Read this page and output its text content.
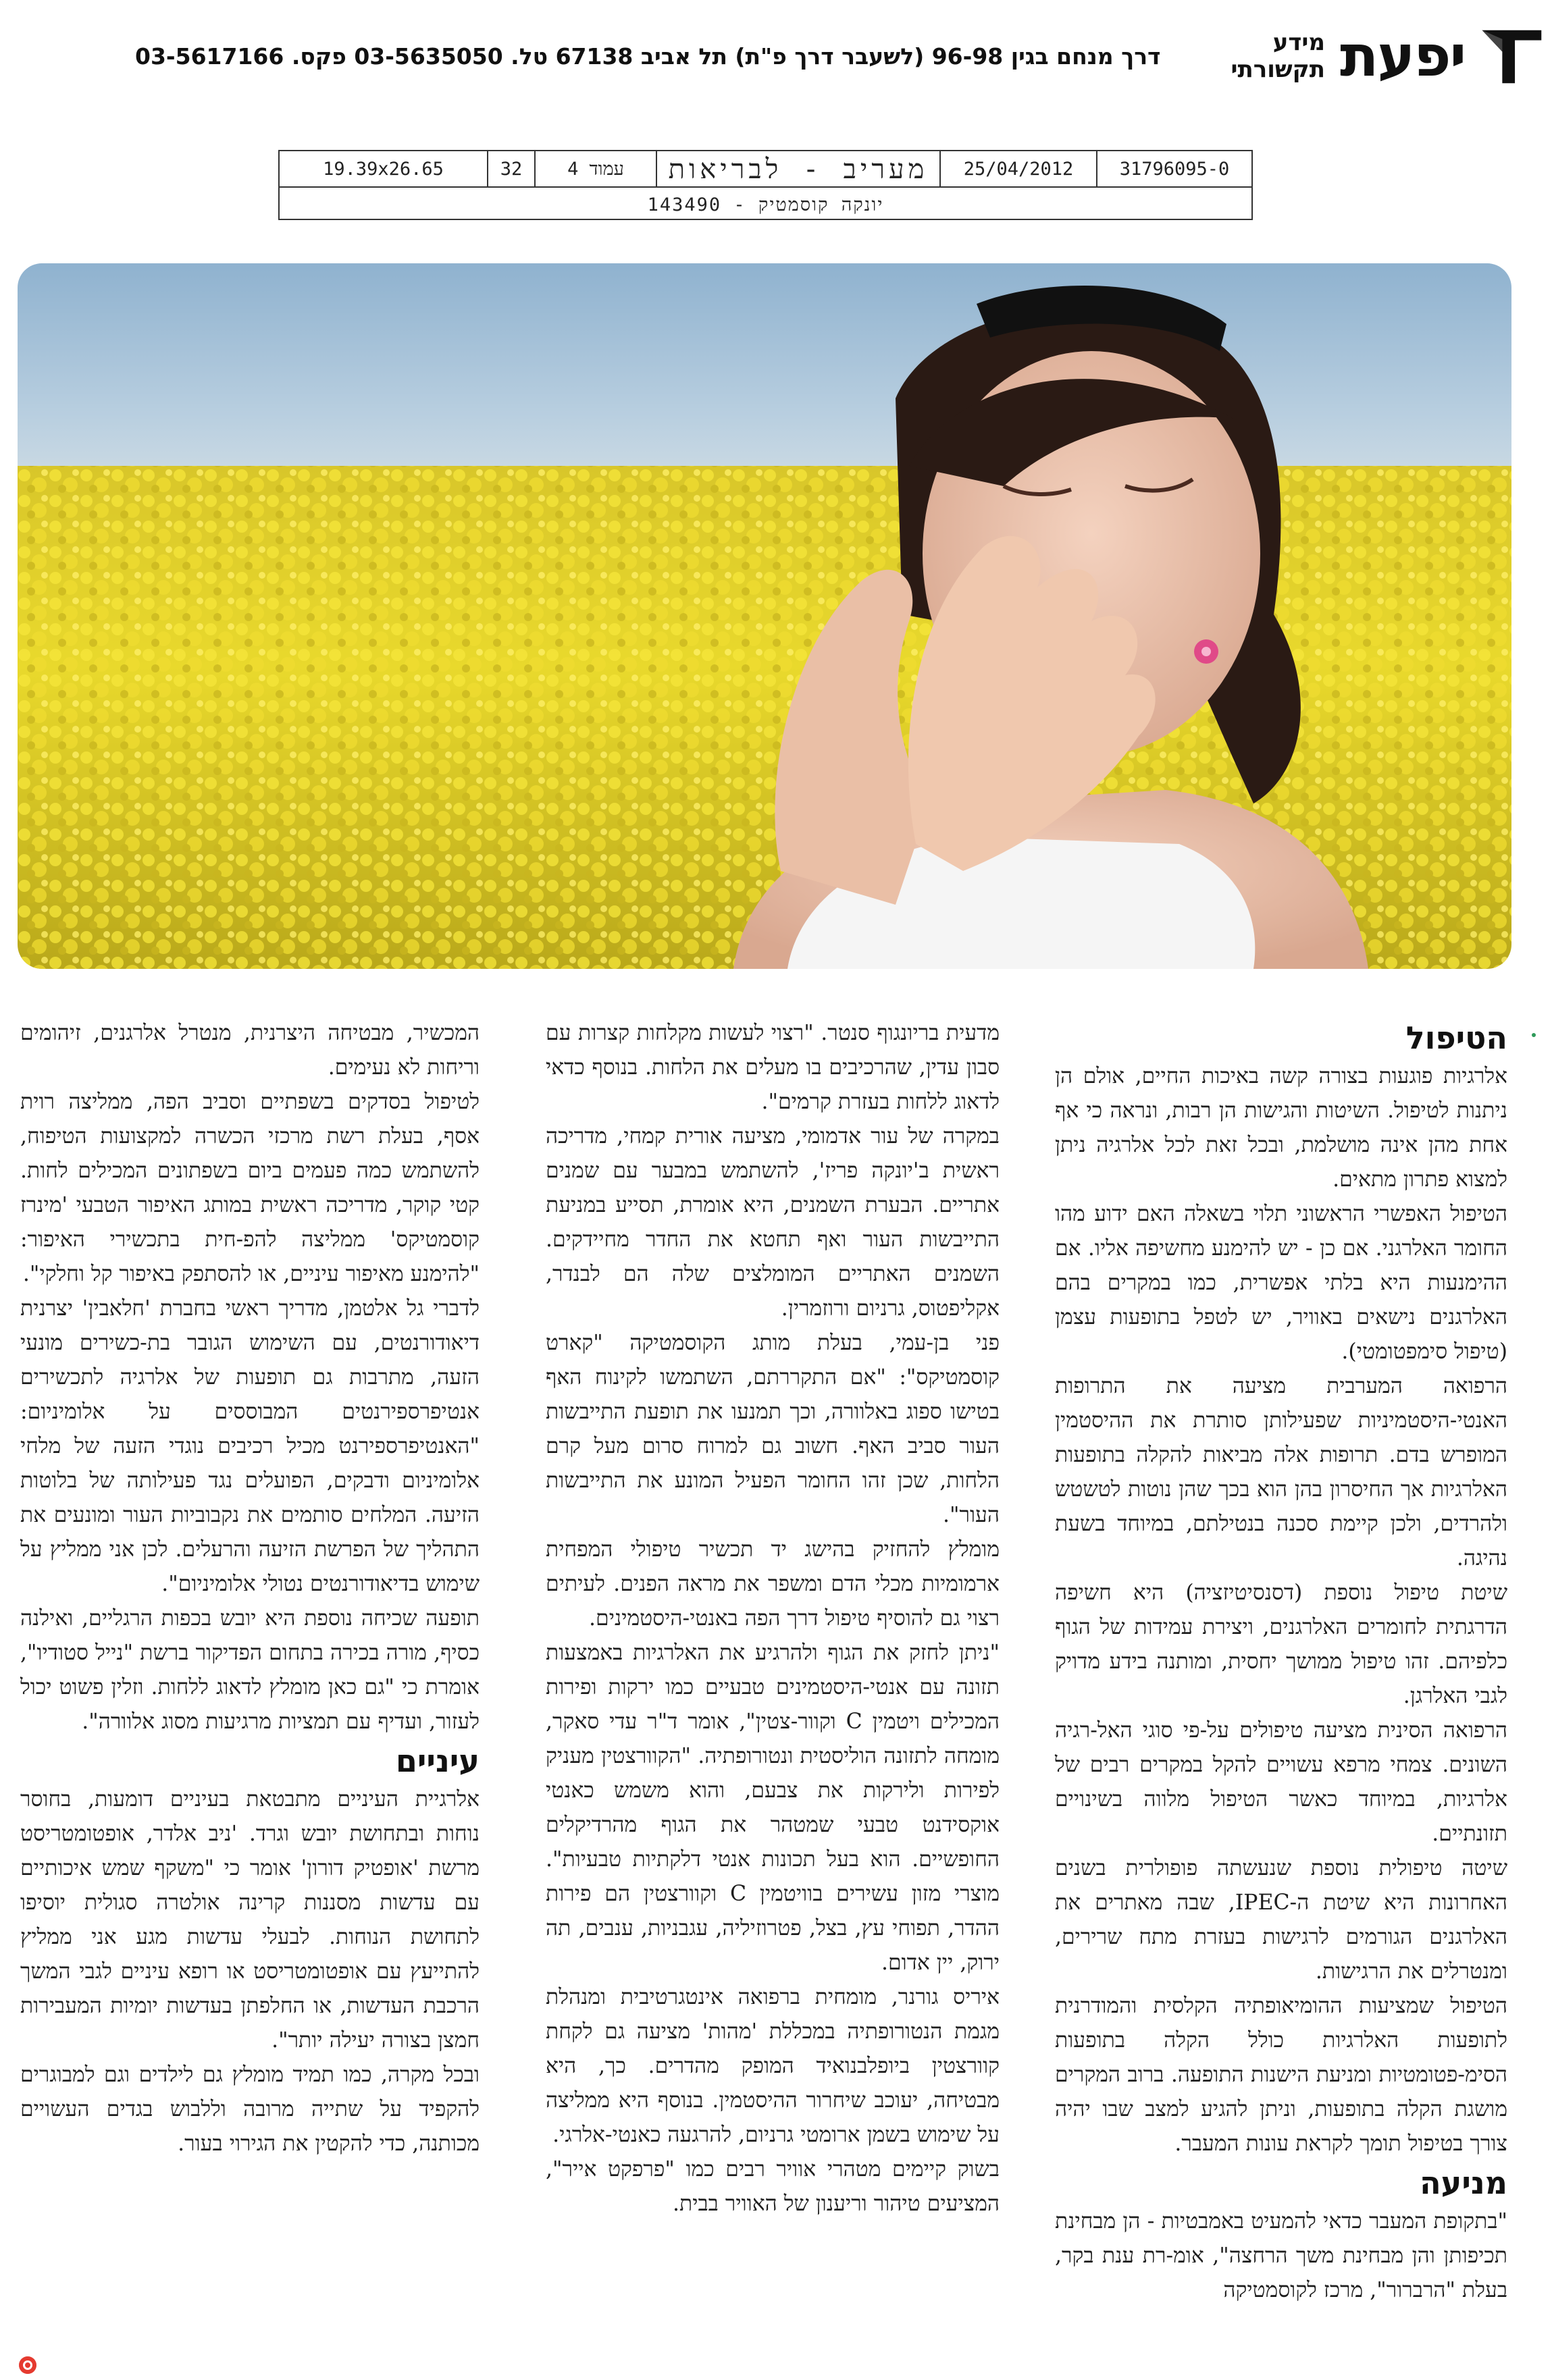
יפעת
מידע תקשורתי
דרך מנחם בגין 96-98 (לשעבר דרך פ"ת) תל אביב 67138 טל. 03-5635050 פקס. 03-5617166
31796095-0
25/04/2012
מעריב - לבריאות
עמוד 4
32
19.39x26.65
יונקה קוסמטיק - 143490
הטיפול

אלרגיות פוגעות בצורה קשה באיכות החיים, אולם הן ניתנות לטיפול. השיטות והגישות הן רבות, ונראה כי אף אחת מהן אינה מושלמת, ובכל זאת לכל אלרגיה ניתן למצוא פתרון מתאים.

הטיפול האפשרי הראשוני תלוי בשאלה האם ידוע מהו החומר האלרגני. אם כן - יש להימנע מחשיפה אליו. אם ההימנעות היא בלתי אפשרית, כמו במקרים בהם האלרגנים נישאים באוויר, יש לטפל בתופעות עצמן (טיפול סימפטומטי).

הרפואה המערבית מציעה את התרופות האנטי-היסטמיניות שפעילותן סותרת את ההיסטמין המופרש בדם. תרופות אלה מביאות להקלה בתופעות האלרגיות אך החיסרון בהן הוא בכך שהן נוטות לטשטש ולהרדים, ולכן קיימת סכנה בנטילתם, במיוחד בשעת נהיגה.

שיטת טיפול נוספת (דסנסיטיזציה) היא חשיפה הדרגתית לחומרים האלרגנים, ויצירת עמידות של הגוף כלפיהם. זהו טיפול ממושך יחסית, ומותנה בידע מדויק לגבי האלרגן.

הרפואה הסינית מציעה טיפולים על-פי סוגי האל-רגיה השונים. צמחי מרפא עשויים להקל במקרים רבים של אלרגיות, במיוחד כאשר הטיפול מלווה בשינויים תזונתיים.

שיטה טיפולית נוספת שנעשתה פופולרית בשנים האחרונות היא שיטת ה-IPEC, שבה מאתרים את האלרגנים הגורמים לרגישות בעזרת מתח שרירים, ומנטרלים את הרגישות.

הטיפול שמציעות ההומיאופתיה הקלסית והמודרנית לתופעות האלרגיות כולל הקלה בתופעות הסימ-פטומטיות ומניעת הישנות התופעה. ברוב המקרים מושגת הקלה בתופעות, וניתן להגיע למצב שבו יהיה צורך בטיפול תומך לקראת עונות המעבר.

מניעה

"בתקופת המעבר כדאי להמעיט באמבטיות - הן מבחינת תכיפותן והן מבחינת משך הרחצה", אומ-רת ענת בקר, בעלת "הרברור", מרכז לקוסמטיקה

מדעית בריונגוף סנטר. "רצוי לעשות מקלחות קצרות עם סבון עדין, שהרכיבים בו מעלים את הלחות. בנוסף כדאי לדאוג ללחות בעזרת קרמים".

במקרה של עור אדמומי, מציעה אורית קמחי, מדריכה ראשית ב'יונקה פריז', להשתמש במבער עם שמנים אתריים. הבערת השמנים, היא אומרת, תסייע במניעת התייבשות העור ואף תחטא את החדר מחיידקים. השמנים האתריים המומלצים שלה הם לבנדר, אקליפטוס, גרניום ורוזמרין.

פני בן-עמי, בעלת מותג הקוסמטיקה "קארט קוסמטיקס": "אם התקררתם, השתמשו לקינוח האף בטישו ספוג באלוורה, וכך תמנעו את תופעת התייבשות העור סביב האף. חשוב גם למרוח סרום מעל קרם הלחות, שכן זהו החומר הפעיל המונע את התייבשות העור".

מומלץ להחזיק בהישג יד תכשיר טיפולי המפחית ארמומיות מכלי הדם ומשפר את מראה הפנים. לעיתים רצוי גם להוסיף טיפול דרך הפה באנטי-היסטמינים.

"ניתן לחזק את הגוף ולהרגיע את האלרגיות באמצעות תזונה עם אנטי-היסטמינים טבעיים כמו ירקות ופירות המכילים ויטמין C וקוור-צטין", אומר ד"ר עדי סאקר, מומחה לתזונה הוליסטית ונטורופתיה. "הקוורצטין מעניק לפירות ולירקות את צבעם, והוא משמש כאנטי אוקסידנט טבעי שמטהר את הגוף מהרדיקלים החופשיים. הוא בעל תכונות אנטי דלקתיות טבעיות". מוצרי מזון עשירים בוויטמין C וקוורצטין הם פירות ההדר, תפוחי עץ, בצל, פטרוזיליה, עגבניות, ענבים, תה ירוק, יין אדום.

איריס גורנר, מומחית ברפואה אינטגרטיבית ומנהלת מגמת הנטורופתיה במכללת 'מהות' מציעה גם לקחת קוורצטין ביופלבנואיד המופק מהדרים. כך, היא מבטיחה, יעוכב שיחרור ההיסטמין. בנוסף היא ממליצה על שימוש בשמן ארומטי גרניום, להרגעה כאנטי-אלרגי.

בשוק קיימים מטהרי אוויר רבים כמו "פרפקט אייר", המציעים טיהור וריענון של האוויר בבית.

המכשיר, מבטיחה היצרנית, מנטרל אלרגנים, זיהומים וריחות לא נעימים.

לטיפול בסדקים בשפתיים וסביב הפה, ממליצה רוית אסף, בעלת רשת מרכזי הכשרה למקצועות הטיפוח, להשתמש כמה פעמים ביום בשפתונים המכילים לחות. קטי קוקר, מדריכה ראשית במותג האיפור הטבעי 'מינרז קוסמטיקס' ממליצה להפ-חית בתכשירי האיפור: "להימנע מאיפור עיניים, או להסתפק באיפור קל וחלקי".

לדברי גל אלטמן, מדריך ראשי בחברת 'חלאבין' יצרנית דיאודורנטים, עם השימוש הגובר בת-כשירים מונעי הזעה, מתרבות גם תופעות של אלרגיה לתכשירים אנטיפרספירנטים המבוססים על אלומיניום: "האנטיפרספירנט מכיל רכיבים נוגדי הזעה של מלחי אלומיניום ודבקים, הפועלים נגד פעילותה של בלוטות הזיעה. המלחים סותמים את נקבוביות העור ומונעים את התהליך של הפרשת הזיעה והרעלים. לכן אני ממליץ על שימוש בדיאודורנטים נטולי אלומיניום".

תופעה שכיחה נוספת היא יובש בכפות הרגליים, ואילנה כסיף, מורה בכירה בתחום הפדיקור ברשת "נייל סטודיו", אומרת כי "גם כאן מומלץ לדאוג ללחות. וזלין פשוט יכול לעזור, ועדיף עם תמציות מרגיעות מסוג אלוורה".

עיניים

אלרגיית העיניים מתבטאת בעיניים דומעות, בחוסר נוחות ובתחושת יובש וגרד. 'ניב אלדר, אופטומטריסט מרשת 'אופטיק דורון' אומר כי "משקף שמש איכותיים עם עדשות מסננות קרינה אולטרה סגולית יוסיפו לתחושת הנוחות. לבעלי עדשות מגע אני ממליץ להתייעץ עם אופטומטריסט או רופא עיניים לגבי המשך הרכבת העדשות, או החלפתן בעדשות יומיות המעבירות חמצן בצורה יעילה יותר".

ובכל מקרה, כמו תמיד מומלץ גם לילדים וגם למבוגרים להקפיד על שתייה מרובה וללבוש בגדים העשויים מכותנה, כדי להקטין את הגירוי בעור.
